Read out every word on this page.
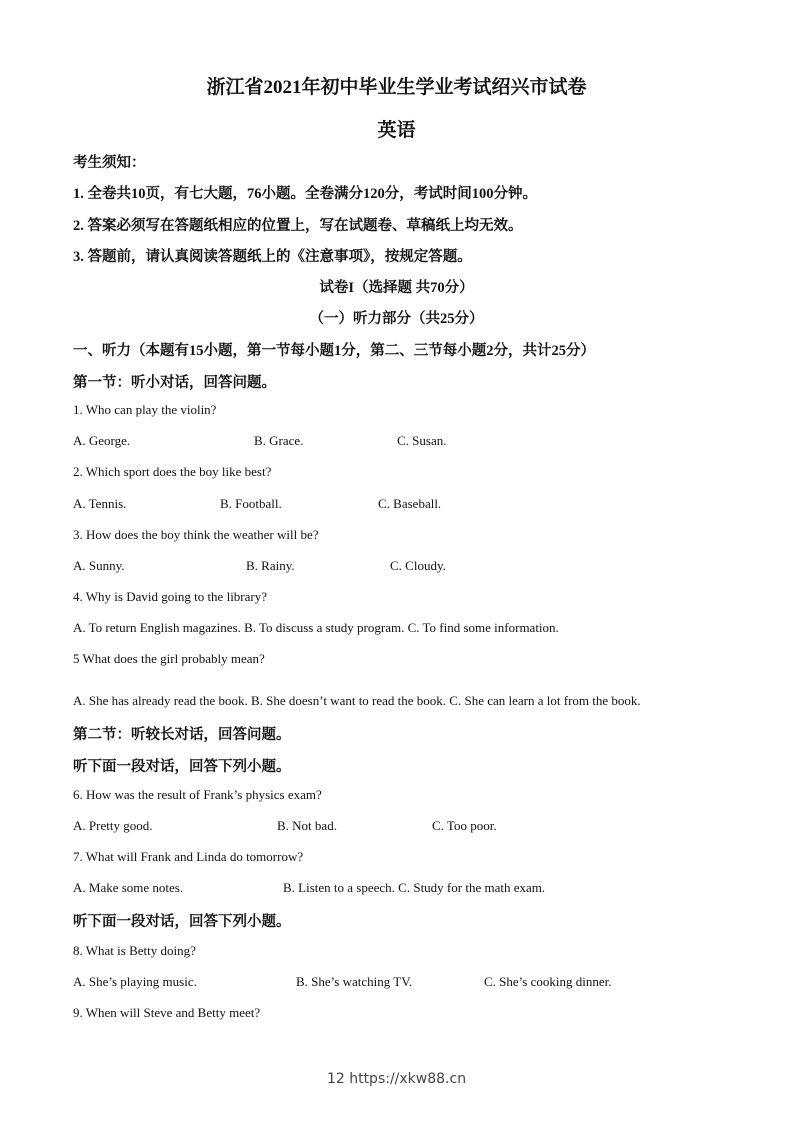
浙江省2021年初中毕业生学业考试绍兴市试卷
英语
考生须知：
1. 全卷共10页，有七大题，76小题。全卷满分120分，考试时间100分钟。
2. 答案必须写在答题纸相应的位置上，写在试题卷、草稿纸上均无效。
3. 答题前，请认真阅读答题纸上的《注意事项》，按规定答题。
试卷I（选择题 共70分）
（一）听力部分（共25分）
一、听力（本题有15小题，第一节每小题1分，第二、三节每小题2分，共计25分）
第一节：听小对话，回答问题。
1. Who can play the violin?
A. George.	B. Grace.	C. Susan.
2. Which sport does the boy like best?
A. Tennis.	B. Football.	C. Baseball.
3. How does the boy think the weather will be?
A. Sunny.	B. Rainy.	C. Cloudy.
4. Why is David going to the library?
A. To return English magazines. B. To discuss a study program. C. To find some information.
5 What does the girl probably mean?
A. She has already read the book. B. She doesn’t want to read the book. C. She can learn a lot from the book.
第二节：听较长对话，回答问题。
听下面一段对话，回答下列小题。
6. How was the result of Frank’s physics exam?
A. Pretty good.	B. Not bad.	C. Too poor.
7. What will Frank and Linda do tomorrow?
A. Make some notes.	B. Listen to a speech. C. Study for the math exam.
听下面一段对话，回答下列小题。
8. What is Betty doing?
A. She’s playing music.	B. She’s watching TV.	C. She’s cooking dinner.
9. When will Steve and Betty meet?
12 https://xkw88.cn
